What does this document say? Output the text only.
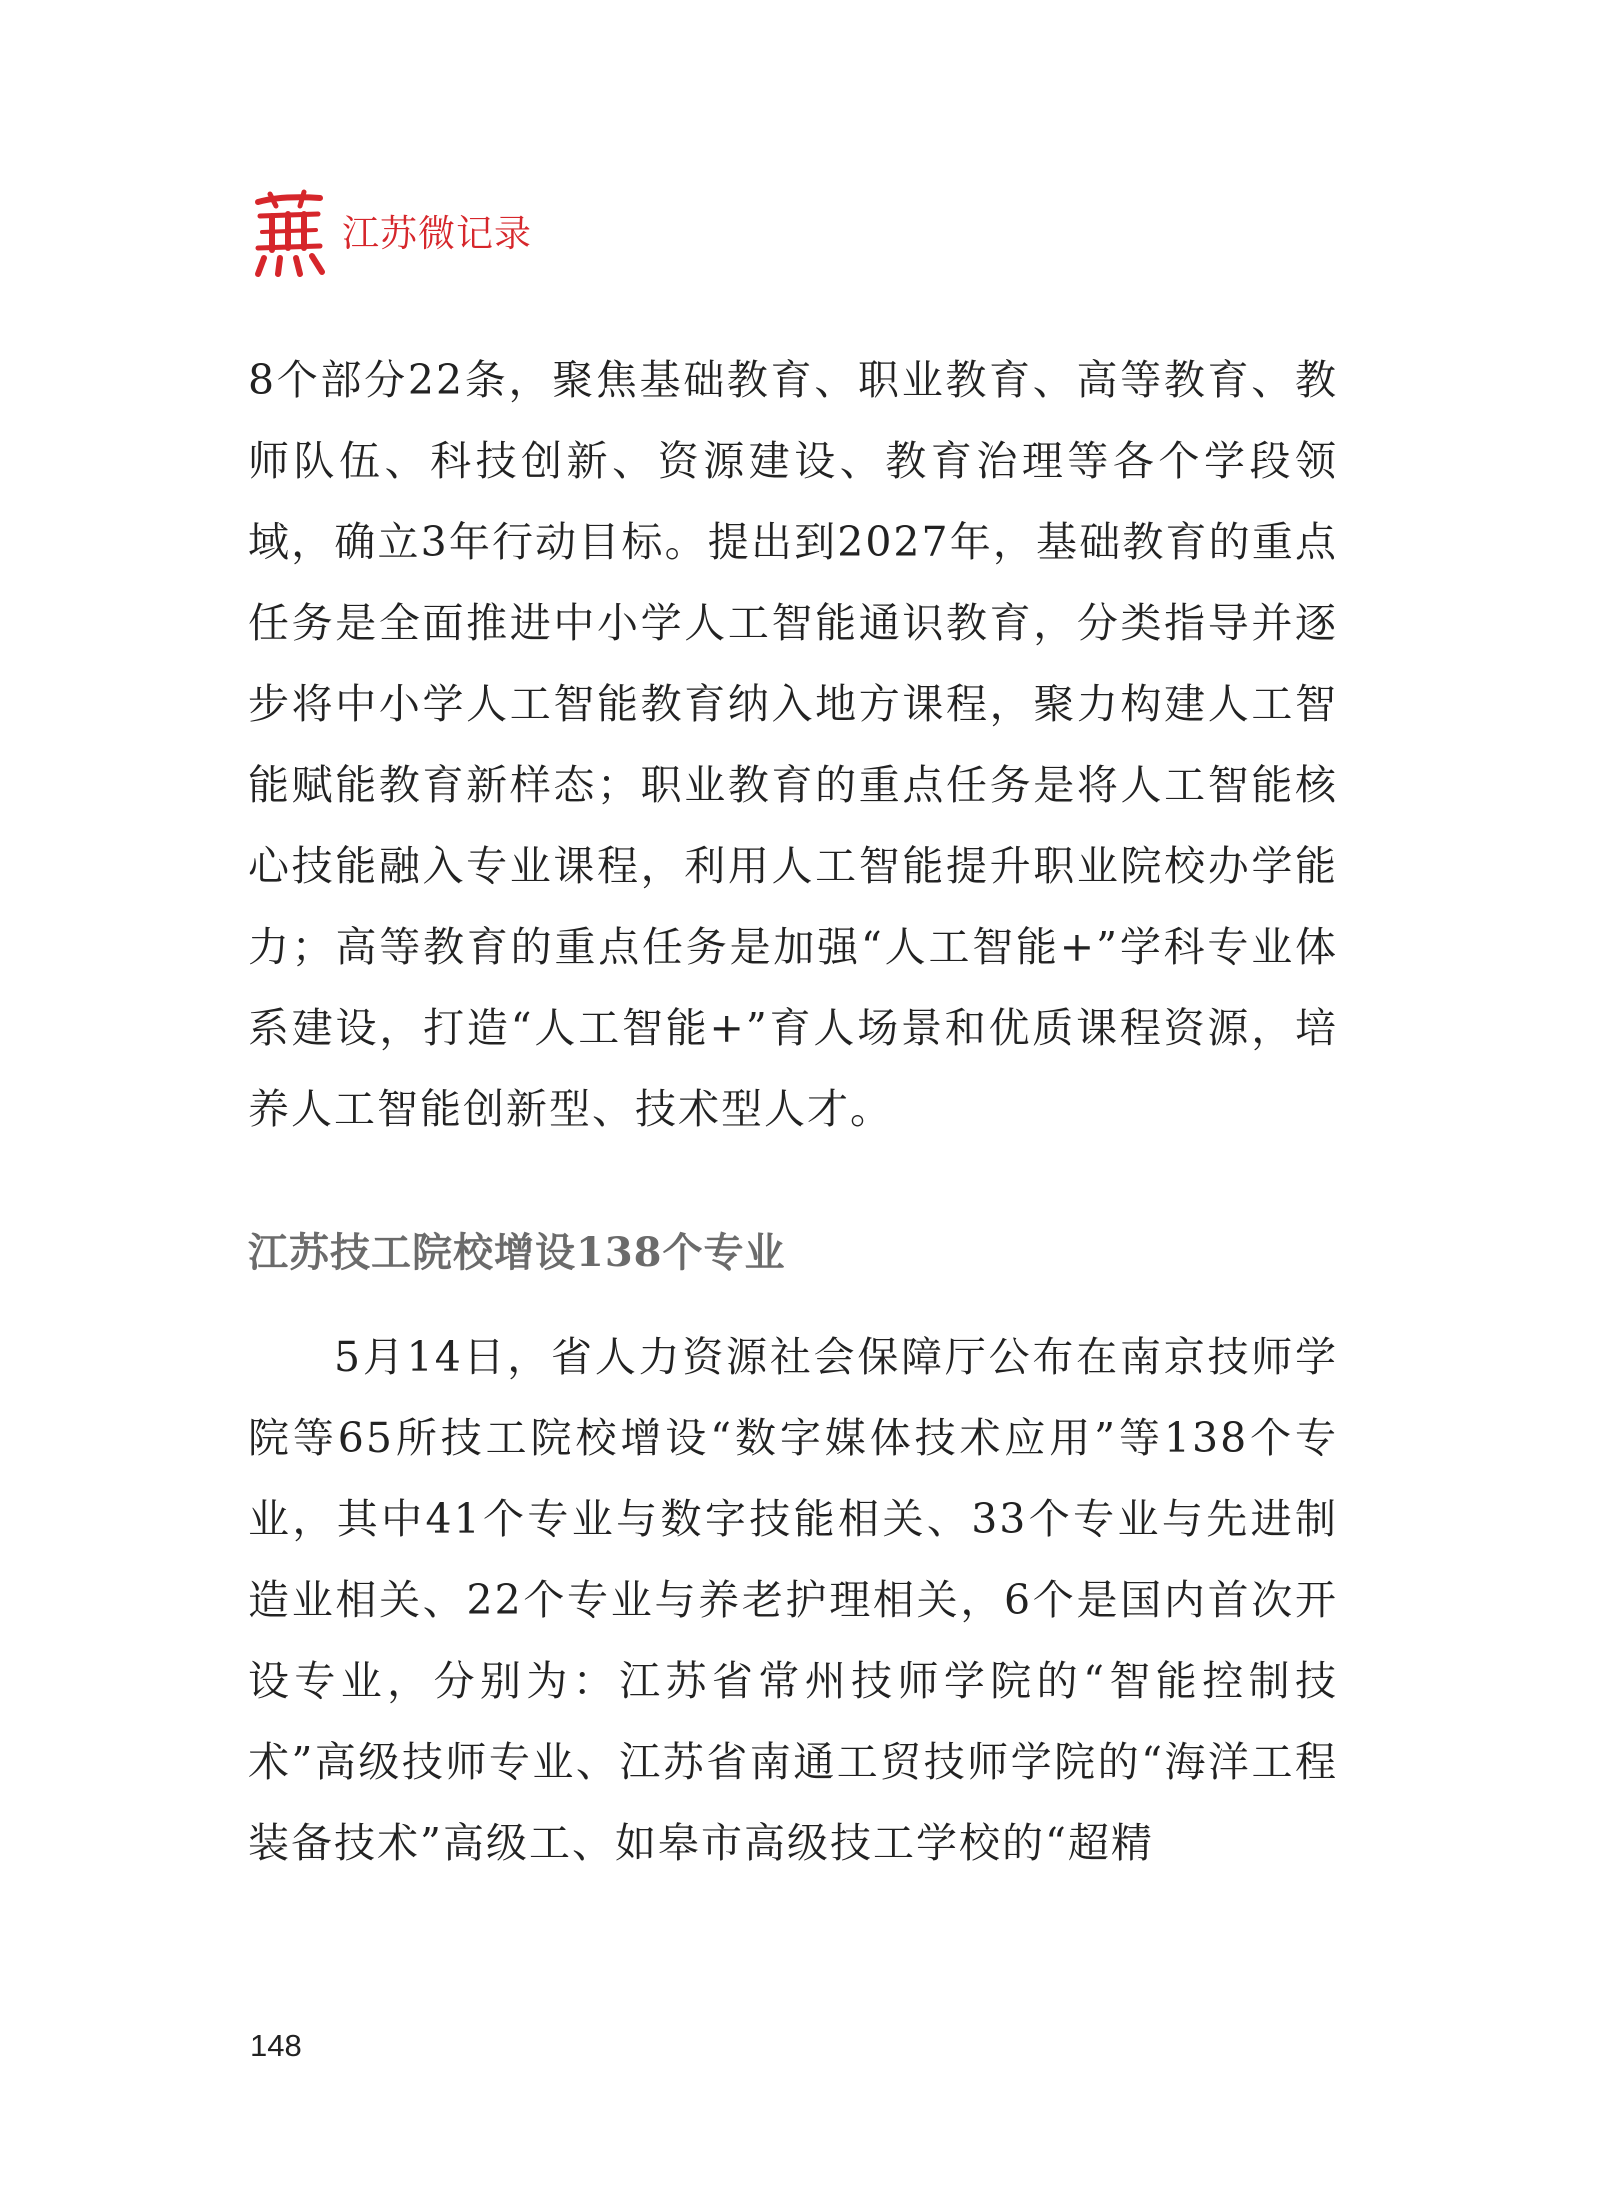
江苏微记录

8个部分22条，聚焦基础教育、职业教育、高等教育、教师队伍、科技创新、资源建设、教育治理等各个学段领域，确立3年行动目标。提出到2027年，基础教育的重点任务是全面推进中小学人工智能通识教育，分类指导并逐步将中小学人工智能教育纳入地方课程，聚力构建人工智能赋能教育新样态；职业教育的重点任务是将人工智能核心技能融入专业课程，利用人工智能提升职业院校办学能力；高等教育的重点任务是加强“人工智能+”学科专业体系建设，打造“人工智能+”育人场景和优质课程资源，培养人工智能创新型、技术型人才。

江苏技工院校增设138个专业

5月14日，省人力资源社会保障厅公布在南京技师学院等65所技工院校增设“数字媒体技术应用”等138个专业，其中41个专业与数字技能相关、33个专业与先进制造业相关、22个专业与养老护理相关，6个是国内首次开设专业，分别为：江苏省常州技师学院的“智能控制技术”高级技师专业、江苏省南通工贸技师学院的“海洋工程装备技术”高级工、如皋市高级技工学校的“超精

148
